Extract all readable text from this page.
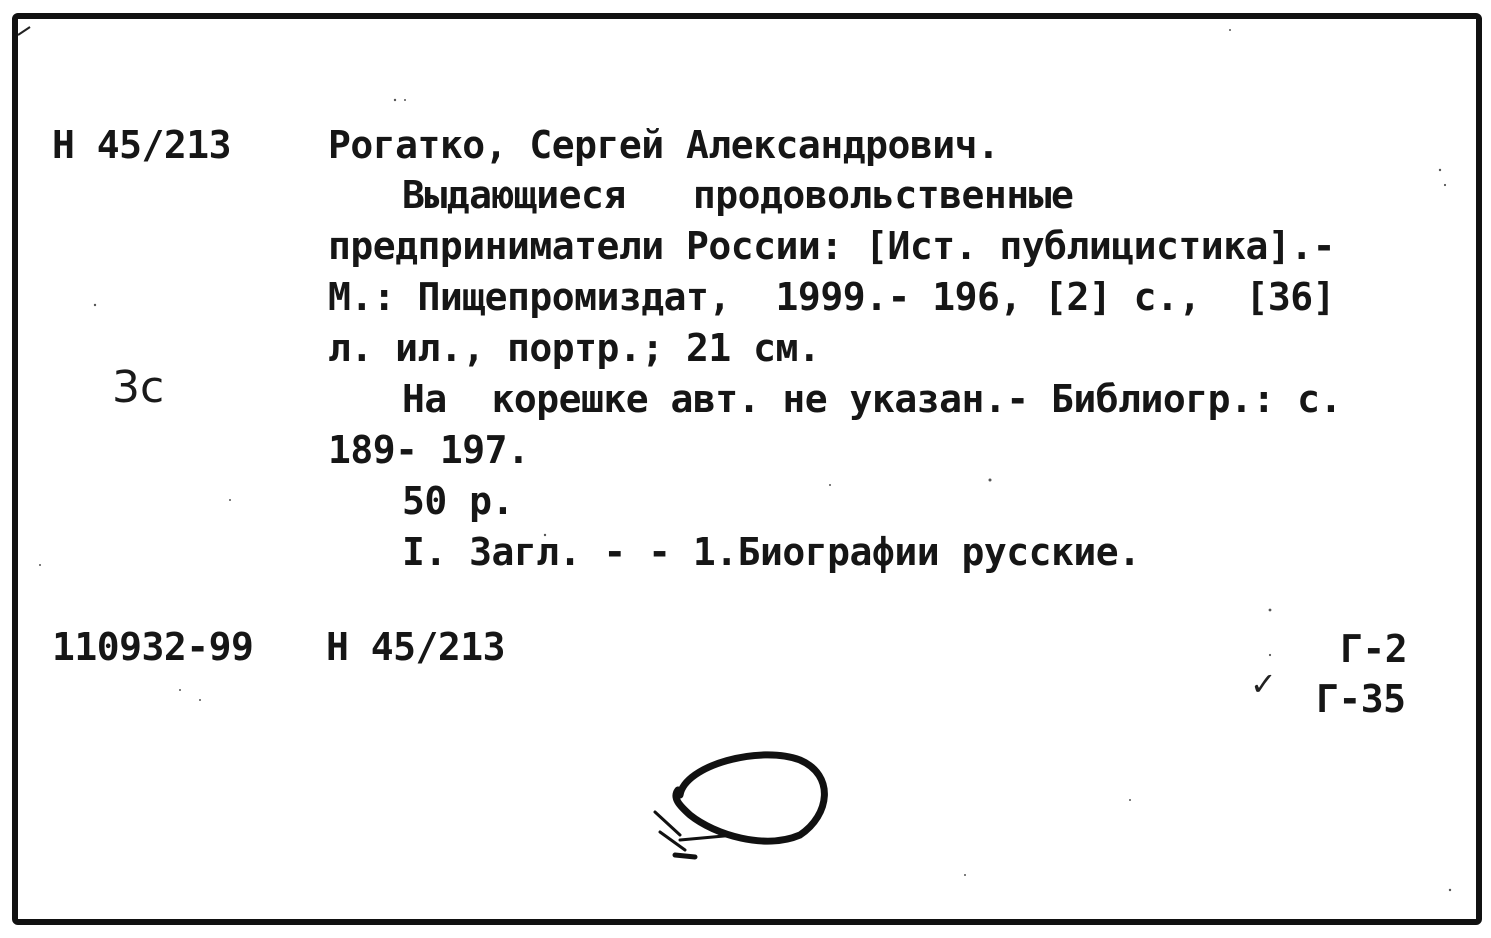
Н 45/213	Рогатко, Сергей Александрович.
Выдающиеся   продовольственные
предприниматели России: [Ист. публицистика].-
М.: Пищепромиздат,  1999.- 196, [2] с.,  [36]
л. ил., портр.; 21 см.
3с	На  корешке авт. не указан.- Библиогр.: с.
189- 197.
50 р.
I. Загл. - - 1.Биографии русские.
110932-99 Н 45/213	Г-2
✓ Г-35
